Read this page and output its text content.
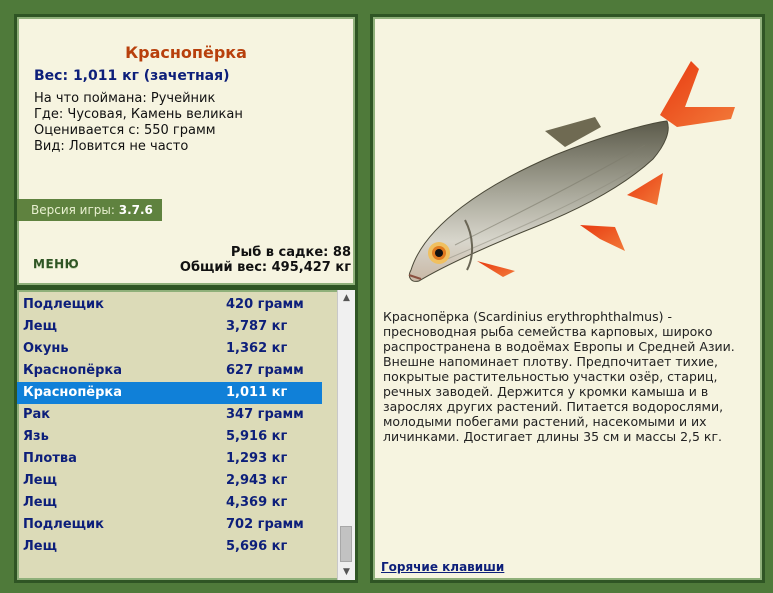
Краснопёрка
Вес: 1,011 кг (зачетная)
На что поймана: Ручейник
Где: Чусовая, Камень великан
Оценивается с: 550 грамм
Вид: Ловится не часто
Версия игры: 3.7.6
МЕНЮ
Рыб в садке: 88
Общий вес: 495,427 кг
Подлещик	420 грамм
Лещ	3,787 кг
Окунь	1,362 кг
Краснопёрка	627 грамм
Краснопёрка	1,011 кг
Рак	347 грамм
Язь	5,916 кг
Плотва	1,293 кг
Лещ	2,943 кг
Лещ	4,369 кг
Подлещик	702 грамм
Лещ	5,696 кг
▲
▼
Краснопёрка (Scardinius erythrophthalmus) - пресноводная рыба семейства карповых, широко распространена в водоёмах Европы и Средней Азии. Внешне напоминает плотву. Предпочитает тихие, покрытые растительностью участки озёр, стариц, речных заводей. Держится у кромки камыша и в зарослях других растений. Питается водорослями, молодыми побегами растений, насекомыми и их личинками. Достигает длины 35 см и массы 2,5 кг.
Горячие клавиши
